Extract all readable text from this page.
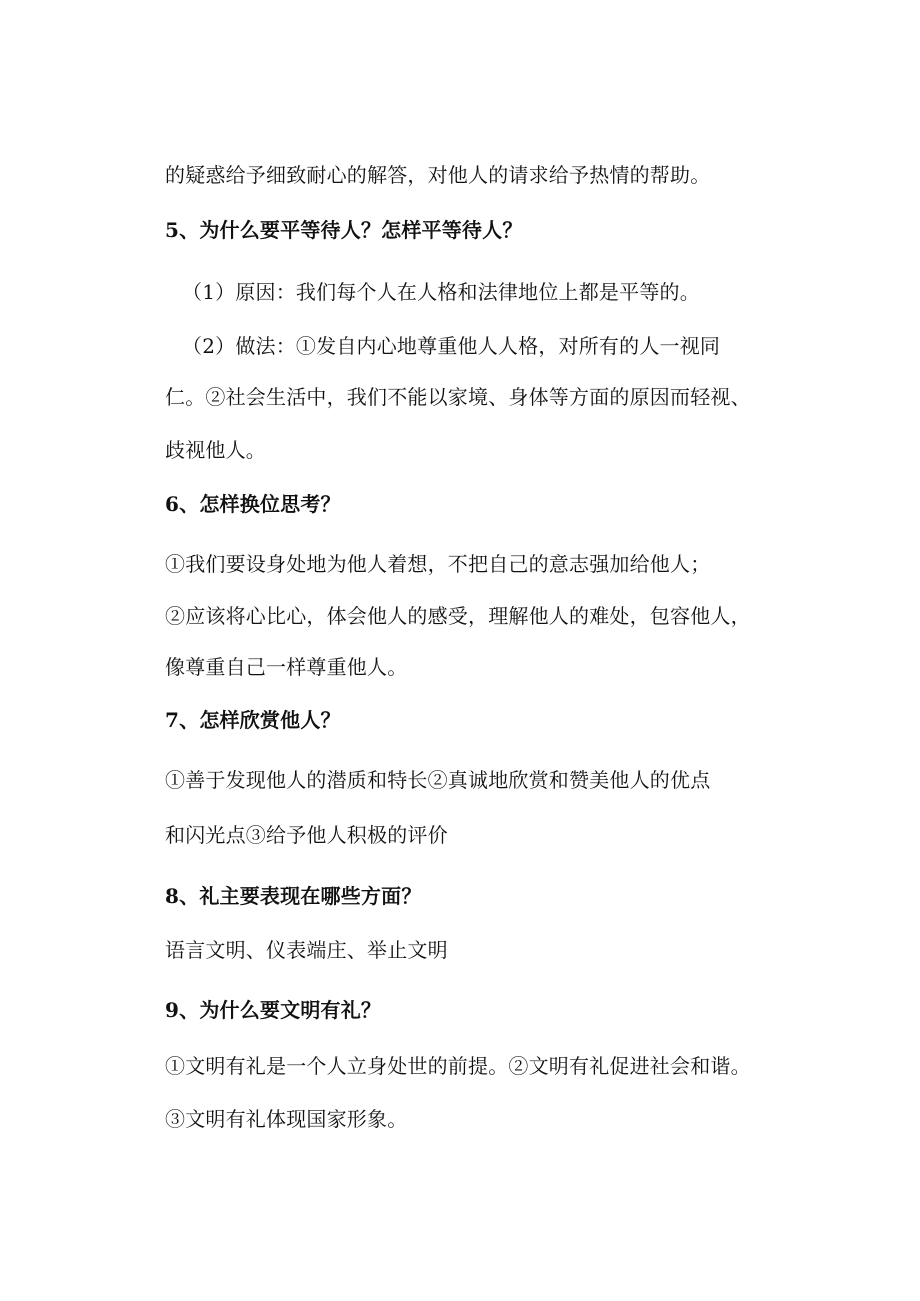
的疑惑给予细致耐心的解答，对他人的请求给予热情的帮助。

5、为什么要平等待人？怎样平等待人？

（1）原因：我们每个人在人格和法律地位上都是平等的。

（2）做法：①发自内心地尊重他人人格，对所有的人一视同

仁。②社会生活中，我们不能以家境、身体等方面的原因而轻视、

歧视他人。

6、怎样换位思考？

①我们要设身处地为他人着想，不把自己的意志强加给他人；

②应该将心比心，体会他人的感受，理解他人的难处，包容他人，

像尊重自己一样尊重他人。

7、怎样欣赏他人？

①善于发现他人的潜质和特长②真诚地欣赏和赞美他人的优点

和闪光点③给予他人积极的评价

8、礼主要表现在哪些方面？

语言文明、仪表端庄、举止文明

9、为什么要文明有礼？

①文明有礼是一个人立身处世的前提。②文明有礼促进社会和谐。

③文明有礼体现国家形象。
